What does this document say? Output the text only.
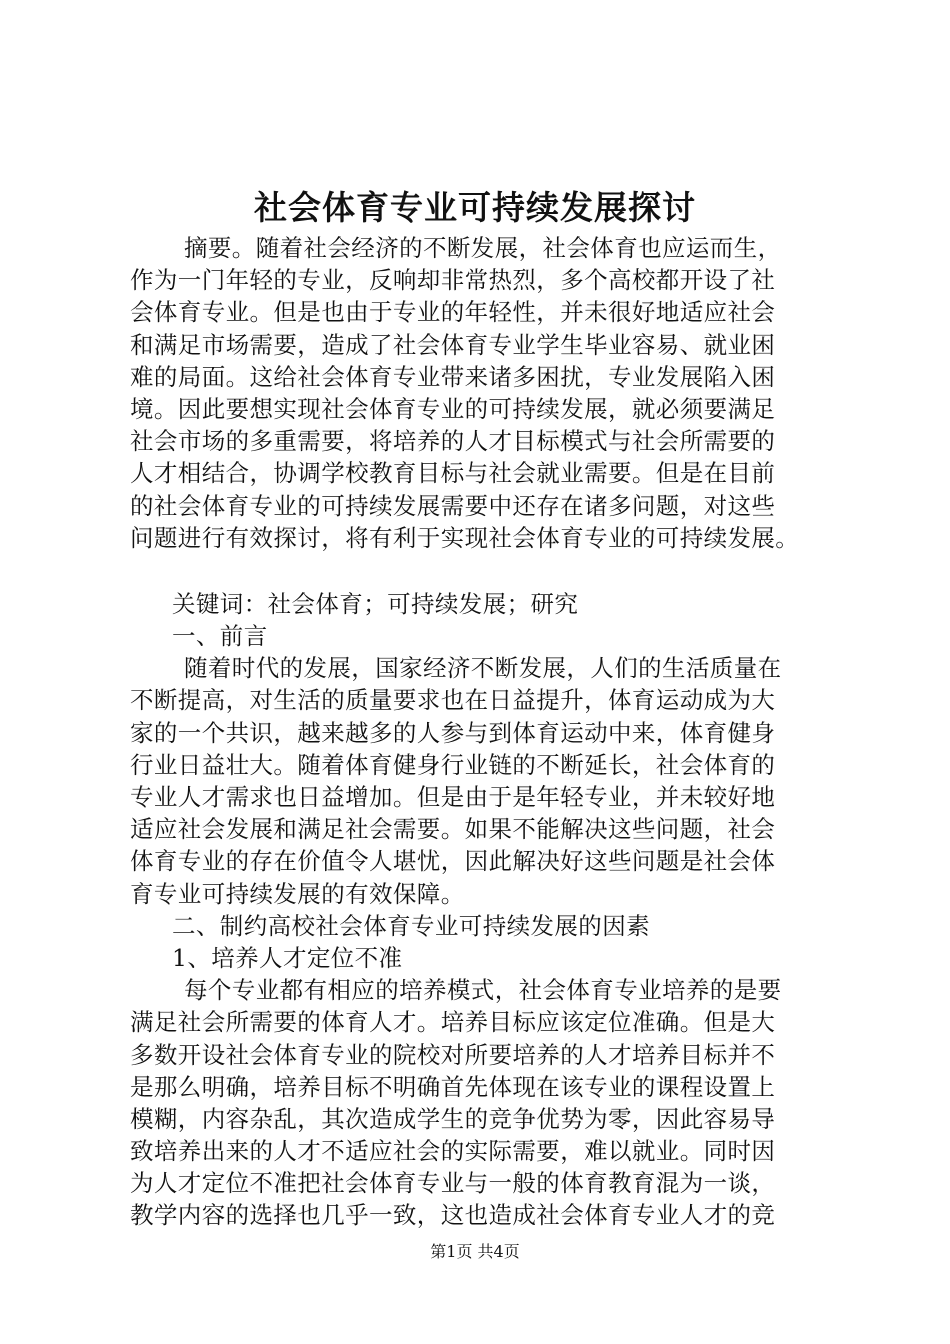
社会体育专业可持续发展探讨
摘要。随着社会经济的不断发展，社会体育也应运而生，
作为一门年轻的专业，反响却非常热烈，多个高校都开设了社
会体育专业。但是也由于专业的年轻性，并未很好地适应社会
和满足市场需要，造成了社会体育专业学生毕业容易、就业困
难的局面。这给社会体育专业带来诸多困扰，专业发展陷入困
境。因此要想实现社会体育专业的可持续发展，就必须要满足
社会市场的多重需要，将培养的人才目标模式与社会所需要的
人才相结合，协调学校教育目标与社会就业需要。但是在目前
的社会体育专业的可持续发展需要中还存在诸多问题，对这些
问题进行有效探讨，将有利于实现社会体育专业的可持续发展。
关键词：社会体育；可持续发展；研究
一、前言
随着时代的发展，国家经济不断发展，人们的生活质量在
不断提高，对生活的质量要求也在日益提升，体育运动成为大
家的一个共识，越来越多的人参与到体育运动中来，体育健身
行业日益壮大。随着体育健身行业链的不断延长，社会体育的
专业人才需求也日益增加。但是由于是年轻专业，并未较好地
适应社会发展和满足社会需要。如果不能解决这些问题，社会
体育专业的存在价值令人堪忧，因此解决好这些问题是社会体
育专业可持续发展的有效保障。
二、制约高校社会体育专业可持续发展的因素
1、培养人才定位不准
每个专业都有相应的培养模式，社会体育专业培养的是要
满足社会所需要的体育人才。培养目标应该定位准确。但是大
多数开设社会体育专业的院校对所要培养的人才培养目标并不
是那么明确，培养目标不明确首先体现在该专业的课程设置上
模糊，内容杂乱，其次造成学生的竞争优势为零，因此容易导
致培养出来的人才不适应社会的实际需要，难以就业。同时因
为人才定位不准把社会体育专业与一般的体育教育混为一谈，
教学内容的选择也几乎一致，这也造成社会体育专业人才的竞
第1页 共4页
